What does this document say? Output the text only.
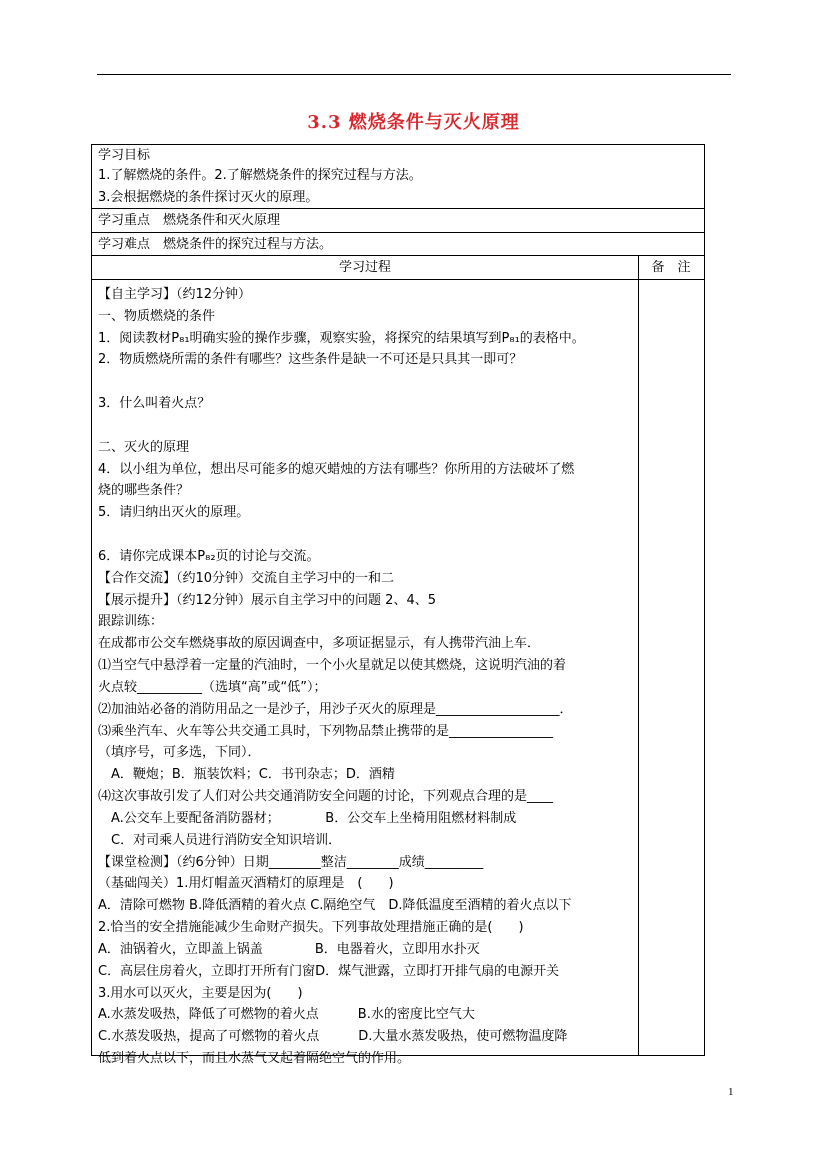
3.3 燃烧条件与灭火原理
学习目标
1.了解燃烧的条件。2.了解燃烧条件的探究过程与方法。
3.会根据燃烧的条件探讨灭火的原理。
学习重点　燃烧条件和灭火原理
学习难点　燃烧条件的探究过程与方法。
学习过程	备　注
【自主学习】（约12分钟）
一、物质燃烧的条件
1．阅读教材P₈₁明确实验的操作步骤，观察实验，将探究的结果填写到P₈₁的表格中。
2．物质燃烧所需的条件有哪些？这些条件是缺一不可还是只具其一即可？
3．什么叫着火点？
二、灭火的原理
4．以小组为单位，想出尽可能多的熄灭蜡烛的方法有哪些？你所用的方法破坏了燃
烧的哪些条件？
5．请归纳出灭火的原理。
6．请你完成课本P₈₂页的讨论与交流。
【合作交流】（约10分钟）交流自主学习中的一和二
【展示提升】（约12分钟）展示自主学习中的问题 2、4、5
跟踪训练：
在成都市公交车燃烧事故的原因调查中，多项证据显示，有人携带汽油上车．
⑴当空气中悬浮着一定量的汽油时，一个小火星就足以使其燃烧，这说明汽油的着
火点较__________（选填“高”或“低”）；
⑵加油站必备的消防用品之一是沙子，用沙子灭火的原理是___________________．
⑶乘坐汽车、火车等公共交通工具时，下列物品禁止携带的是________________
（填序号，可多选，下同）．
　A．鞭炮；B．瓶装饮料；C．书刊杂志；D．酒精
⑷这次事故引发了人们对公共交通消防安全问题的讨论，下列观点合理的是____
　A.公交车上要配备消防器材；　　　　B．公交车上坐椅用阻燃材料制成
　C．对司乘人员进行消防安全知识培训．
【课堂检测】（约6分钟）日期________整洁________成绩_________
（基础闯关）1.用灯帽盖灭酒精灯的原理是　(　　)
A．清除可燃物 B.降低酒精的着火点 C.隔绝空气　D.降低温度至酒精的着火点以下
2.恰当的安全措施能减少生命财产损失。下列事故处理措施正确的是(　　)
A．油锅着火，立即盖上锅盖　　　　B．电器着火，立即用水扑灭
C．高层住房着火，立即打开所有门窗D．煤气泄露，立即打开排气扇的电源开关
3.用水可以灭火，主要是因为(　　)
A.水蒸发吸热，降低了可燃物的着火点　　　B.水的密度比空气大
C.水蒸发吸热，提高了可燃物的着火点　　　D.大量水蒸发吸热，使可燃物温度降
低到着火点以下，而且水蒸气又起着隔绝空气的作用。
1
